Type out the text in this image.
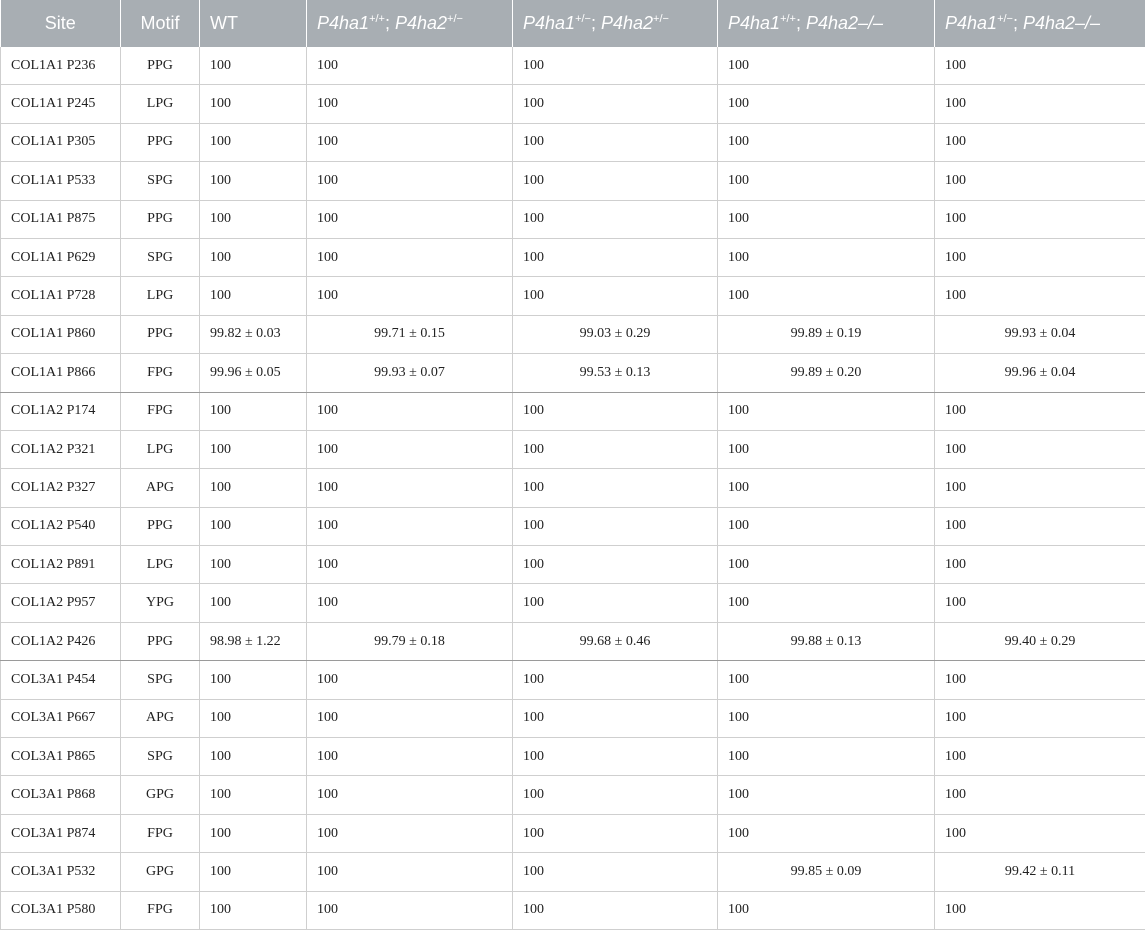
Site	Motif	WT	P4ha1+/+; P4ha2+/−	P4ha1+/−; P4ha2+/−	P4ha1+/+; P4ha2–/–	P4ha1+/−; P4ha2–/–
COL1A1 P236	PPG	100	100	100	100	100
COL1A1 P245	LPG	100	100	100	100	100
COL1A1 P305	PPG	100	100	100	100	100
COL1A1 P533	SPG	100	100	100	100	100
COL1A1 P875	PPG	100	100	100	100	100
COL1A1 P629	SPG	100	100	100	100	100
COL1A1 P728	LPG	100	100	100	100	100
COL1A1 P860	PPG	99.82 ± 0.03	99.71 ± 0.15	99.03 ± 0.29	99.89 ± 0.19	99.93 ± 0.04
COL1A1 P866	FPG	99.96 ± 0.05	99.93 ± 0.07	99.53 ± 0.13	99.89 ± 0.20	99.96 ± 0.04
COL1A2 P174	FPG	100	100	100	100	100
COL1A2 P321	LPG	100	100	100	100	100
COL1A2 P327	APG	100	100	100	100	100
COL1A2 P540	PPG	100	100	100	100	100
COL1A2 P891	LPG	100	100	100	100	100
COL1A2 P957	YPG	100	100	100	100	100
COL1A2 P426	PPG	98.98 ± 1.22	99.79 ± 0.18	99.68 ± 0.46	99.88 ± 0.13	99.40 ± 0.29
COL3A1 P454	SPG	100	100	100	100	100
COL3A1 P667	APG	100	100	100	100	100
COL3A1 P865	SPG	100	100	100	100	100
COL3A1 P868	GPG	100	100	100	100	100
COL3A1 P874	FPG	100	100	100	100	100
COL3A1 P532	GPG	100	100	100	99.85 ± 0.09	99.42 ± 0.11
COL3A1 P580	FPG	100	100	100	100	100
